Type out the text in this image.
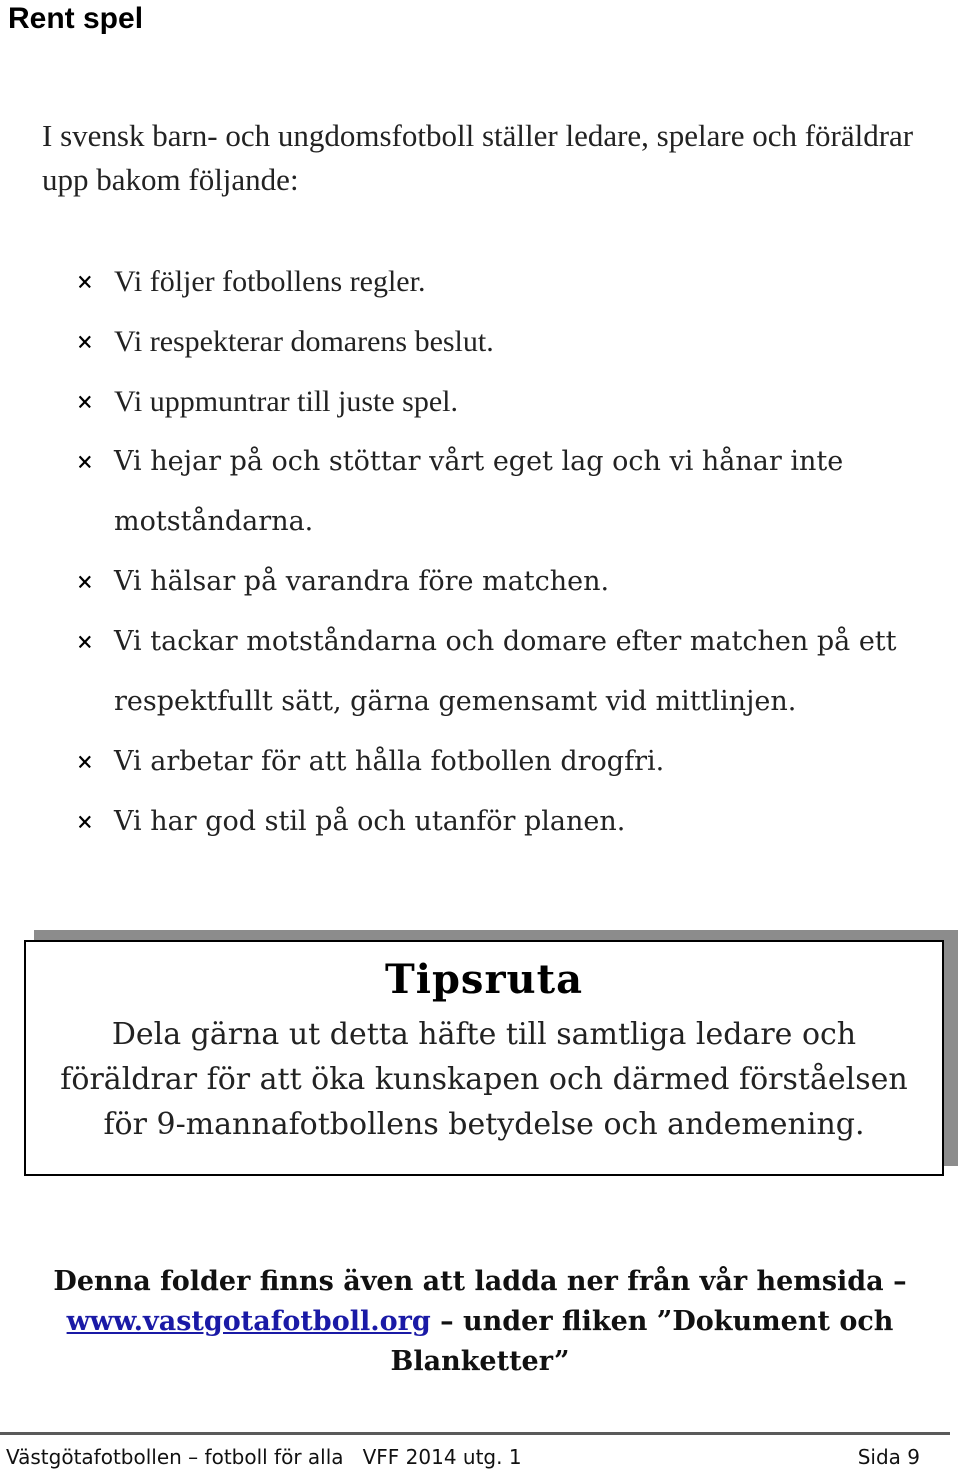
Rent spel
I svensk barn- och ungdomsfotboll ställer ledare, spelare och föräldrar upp bakom följande:
🗙 Vi följer fotbollens regler.
🗙 Vi respekterar domarens beslut.
🗙 Vi uppmuntrar till juste spel.
🗙 Vi hejar på och stöttar vårt eget lag och vi hånar inte motståndarna.
🗙 Vi hälsar på varandra före matchen.
🗙 Vi tackar motståndarna och domare efter matchen på ett respektfullt sätt, gärna gemensamt vid mittlinjen.
🗙 Vi arbetar för att hålla fotbollen drogfri.
🗙 Vi har god stil på och utanför planen.
Tipsruta
Dela gärna ut detta häfte till samtliga ledare och
föräldrar för att öka kunskapen och därmed förståelsen
för 9-mannafotbollens betydelse och andemening.
Denna folder finns även att ladda ner från vår hemsida – www.vastgotafotboll.org – under fliken ”Dokument och Blanketter”
Västgötafotbollen – fotboll för alla   VFF 2014 utg. 1	Sida 9
